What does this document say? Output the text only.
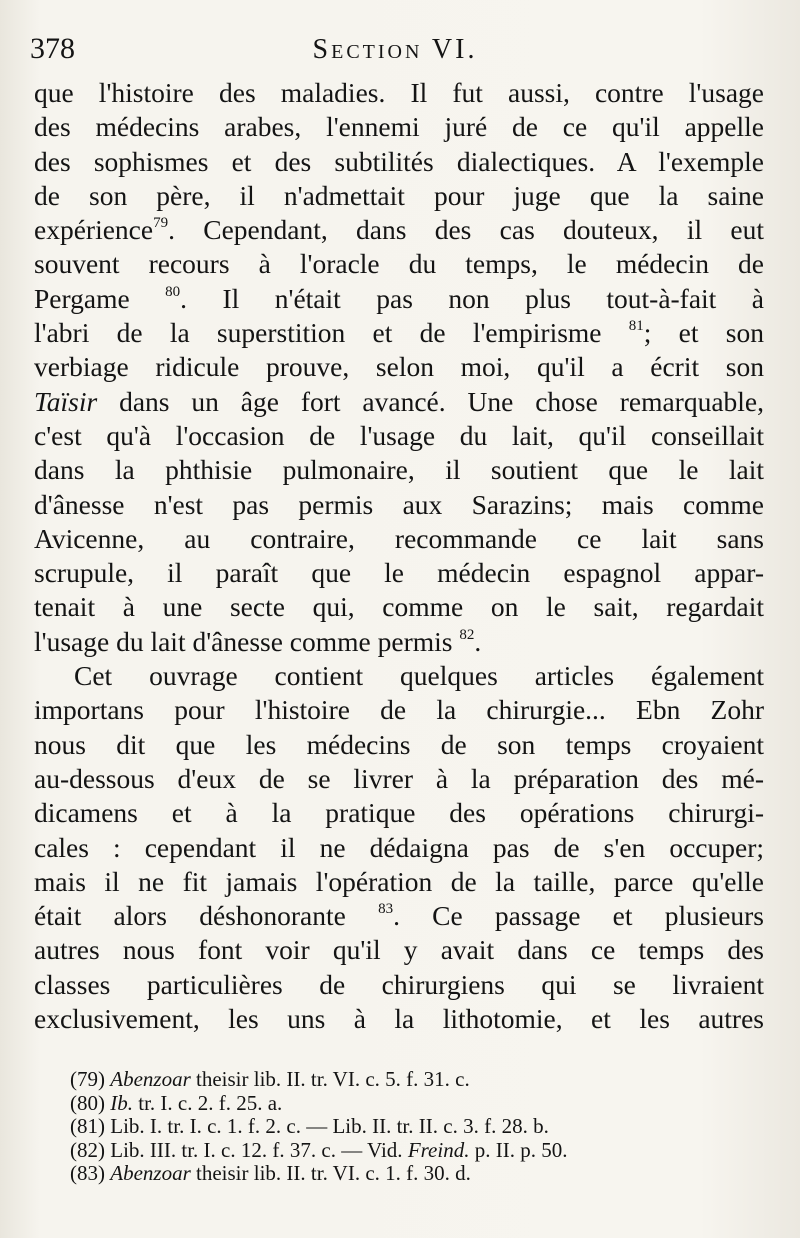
378	Section VI.
que l'histoire des maladies. Il fut aussi, contre l'usage
des médecins arabes, l'ennemi juré de ce qu'il appelle
des sophismes et des subtilités dialectiques. A l'exemple
de son père, il n'admettait pour juge que la saine
expérience$^{79}$. Cependant, dans des cas douteux, il eut
souvent recours à l'oracle du temps, le médecin de
Pergame $^{80}$. Il n'était pas non plus tout-à-fait à
l'abri de la superstition et de l'empirisme $^{81}$; et son
verbiage ridicule prouve, selon moi, qu'il a écrit son
Taïsir dans un âge fort avancé. Une chose remarquable,
c'est qu'à l'occasion de l'usage du lait, qu'il conseillait
dans la phthisie pulmonaire, il soutient que le lait
d'ânesse n'est pas permis aux Sarazins; mais comme
Avicenne, au contraire, recommande ce lait sans
scrupule, il paraît que le médecin espagnol appar-
tenait à une secte qui, comme on le sait, regardait
l'usage du lait d'ânesse comme permis $^{82}$.
Cet ouvrage contient quelques articles également
importans pour l'histoire de la chirurgie... Ebn Zohr
nous dit que les médecins de son temps croyaient
au-dessous d'eux de se livrer à la préparation des mé-
dicamens et à la pratique des opérations chirurgi-
cales : cependant il ne dédaigna pas de s'en occuper;
mais il ne fit jamais l'opération de la taille, parce qu'elle
était alors déshonorante $^{83}$. Ce passage et plusieurs
autres nous font voir qu'il y avait dans ce temps des
classes particulières de chirurgiens qui se livraient
exclusivement, les uns à la lithotomie, et les autres
(79) Abenzoar theisir lib. II. tr. VI. c. 5. f. 31. c.
(80) Ib. tr. I. c. 2. f. 25. a.
(81) Lib. I. tr. I. c. 1. f. 2. c. — Lib. II. tr. II. c. 3. f. 28. b.
(82) Lib. III. tr. I. c. 12. f. 37. c. — Vid. Freind. p. II. p. 50.
(83) Abenzoar theisir lib. II. tr. VI. c. 1. f. 30. d.
